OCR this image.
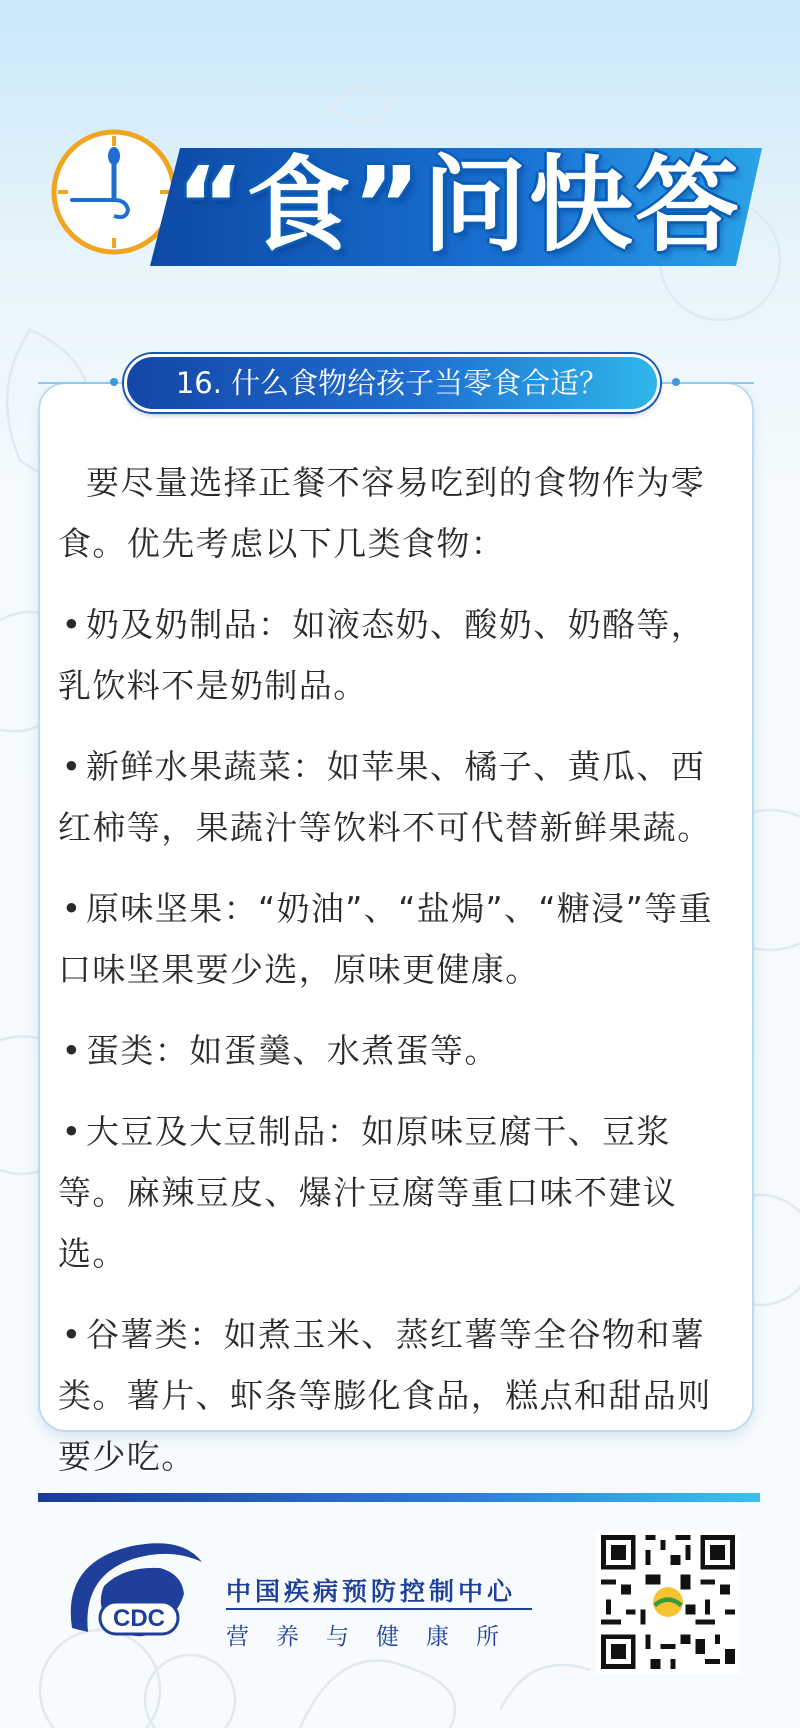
“食”问快答
16. 什么食物给孩子当零食合适？

要尽量选择正餐不容易吃到的食物作为零食。优先考虑以下几类食物：

• 奶及奶制品：如液态奶、酸奶、奶酪等，乳饮料不是奶制品。

• 新鲜水果蔬菜：如苹果、橘子、黄瓜、西红柿等，果蔬汁等饮料不可代替新鲜果蔬。

• 原味坚果：“奶油”、“盐焗”、“糖浸”等重口味坚果要少选，原味更健康。

• 蛋类：如蛋羹、水煮蛋等。

• 大豆及大豆制品：如原味豆腐干、豆浆等。麻辣豆皮、爆汁豆腐等重口味不建议选。

• 谷薯类：如煮玉米、蒸红薯等全谷物和薯类。薯片、虾条等膨化食品，糕点和甜品则要少吃。

CDC
中国疾病预防控制中心
营养与健康所
